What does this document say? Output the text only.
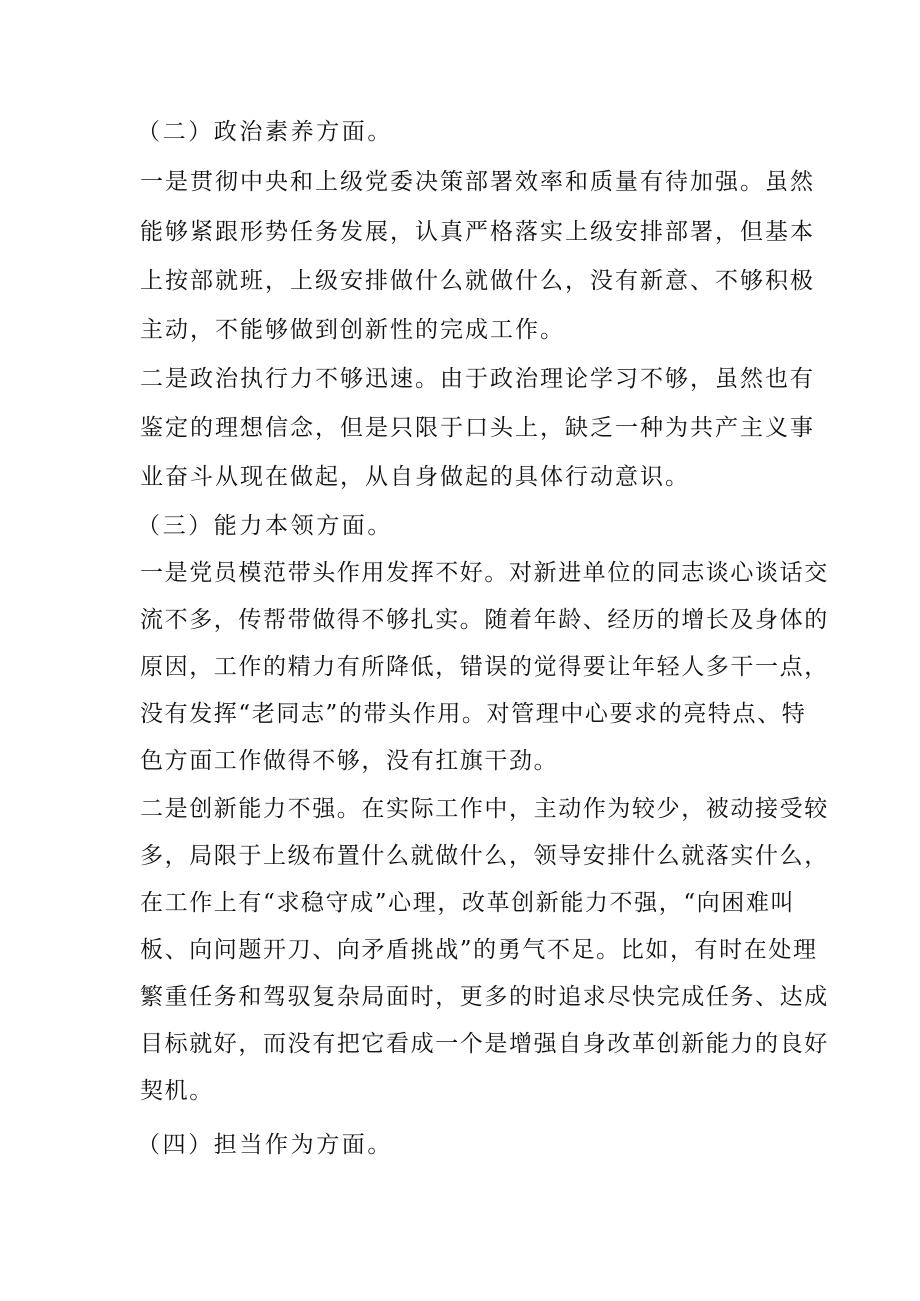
（二）政治素养方面。
一是贯彻中央和上级党委决策部署效率和质量有待加强。虽然
能够紧跟形势任务发展，认真严格落实上级安排部署，但基本
上按部就班，上级安排做什么就做什么，没有新意、不够积极
主动，不能够做到创新性的完成工作。
二是政治执行力不够迅速。由于政治理论学习不够，虽然也有
鉴定的理想信念，但是只限于口头上，缺乏一种为共产主义事
业奋斗从现在做起，从自身做起的具体行动意识。
（三）能力本领方面。
一是党员模范带头作用发挥不好。对新进单位的同志谈心谈话交
流不多，传帮带做得不够扎实。随着年龄、经历的增长及身体的
原因，工作的精力有所降低，错误的觉得要让年轻人多干一点，
没有发挥“老同志”的带头作用。对管理中心要求的亮特点、特
色方面工作做得不够，没有扛旗干劲。
二是创新能力不强。在实际工作中，主动作为较少，被动接受较
多，局限于上级布置什么就做什么，领导安排什么就落实什么，
在工作上有“求稳守成”心理，改革创新能力不强，“向困难叫
板、向问题开刀、向矛盾挑战”的勇气不足。比如，有时在处理
繁重任务和驾驭复杂局面时，更多的时追求尽快完成任务、达成
目标就好，而没有把它看成一个是增强自身改革创新能力的良好
契机。
（四）担当作为方面。
